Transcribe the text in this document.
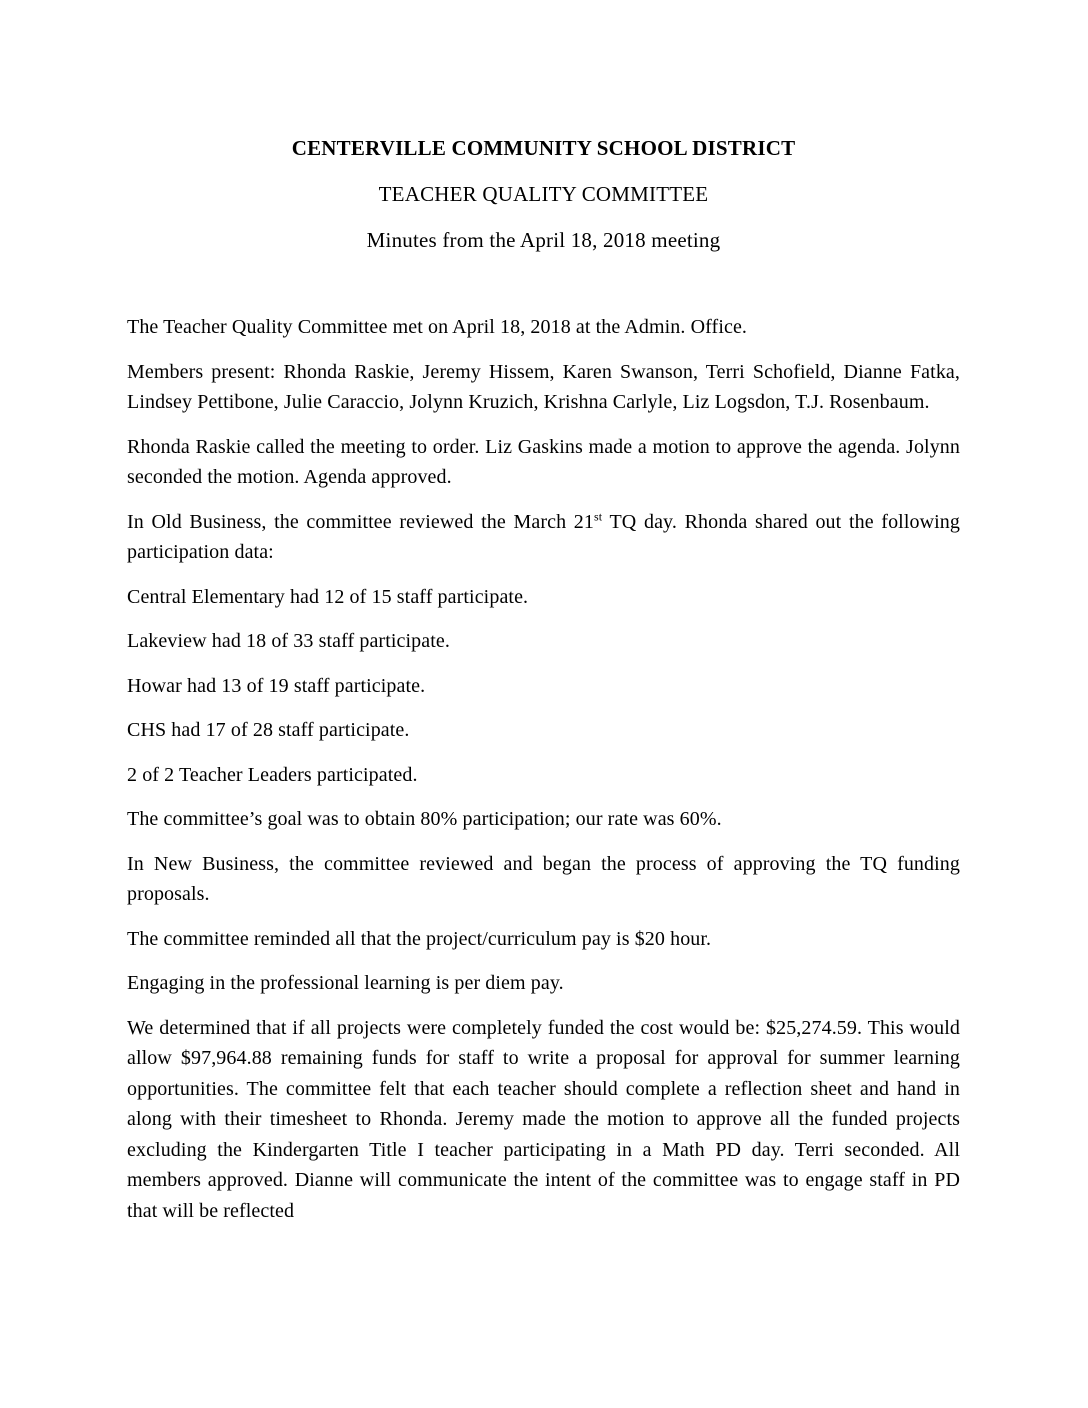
CENTERVILLE COMMUNITY SCHOOL DISTRICT
TEACHER QUALITY COMMITTEE
Minutes from the April 18, 2018 meeting

The Teacher Quality Committee met on April 18, 2018 at the Admin. Office.

Members present: Rhonda Raskie, Jeremy Hissem, Karen Swanson, Terri Schofield, Dianne Fatka, Lindsey Pettibone, Julie Caraccio, Jolynn Kruzich, Krishna Carlyle, Liz Logsdon, T.J. Rosenbaum.

Rhonda Raskie called the meeting to order. Liz Gaskins made a motion to approve the agenda. Jolynn seconded the motion. Agenda approved.

In Old Business, the committee reviewed the March 21st TQ day. Rhonda shared out the following participation data:

Central Elementary had 12 of 15 staff participate.

Lakeview had 18 of 33 staff participate.

Howar had 13 of 19 staff participate.

CHS had 17 of 28 staff participate.

2 of 2 Teacher Leaders participated.

The committee’s goal was to obtain 80% participation; our rate was 60%.

In New Business, the committee reviewed and began the process of approving the TQ funding proposals.

The committee reminded all that the project/curriculum pay is $20 hour.

Engaging in the professional learning is per diem pay.

We determined that if all projects were completely funded the cost would be: $25,274.59. This would allow $97,964.88 remaining funds for staff to write a proposal for approval for summer learning opportunities. The committee felt that each teacher should complete a reflection sheet and hand in along with their timesheet to Rhonda. Jeremy made the motion to approve all the funded projects excluding the Kindergarten Title I teacher participating in a Math PD day. Terri seconded. All members approved. Dianne will communicate the intent of the committee was to engage staff in PD that will be reflected
